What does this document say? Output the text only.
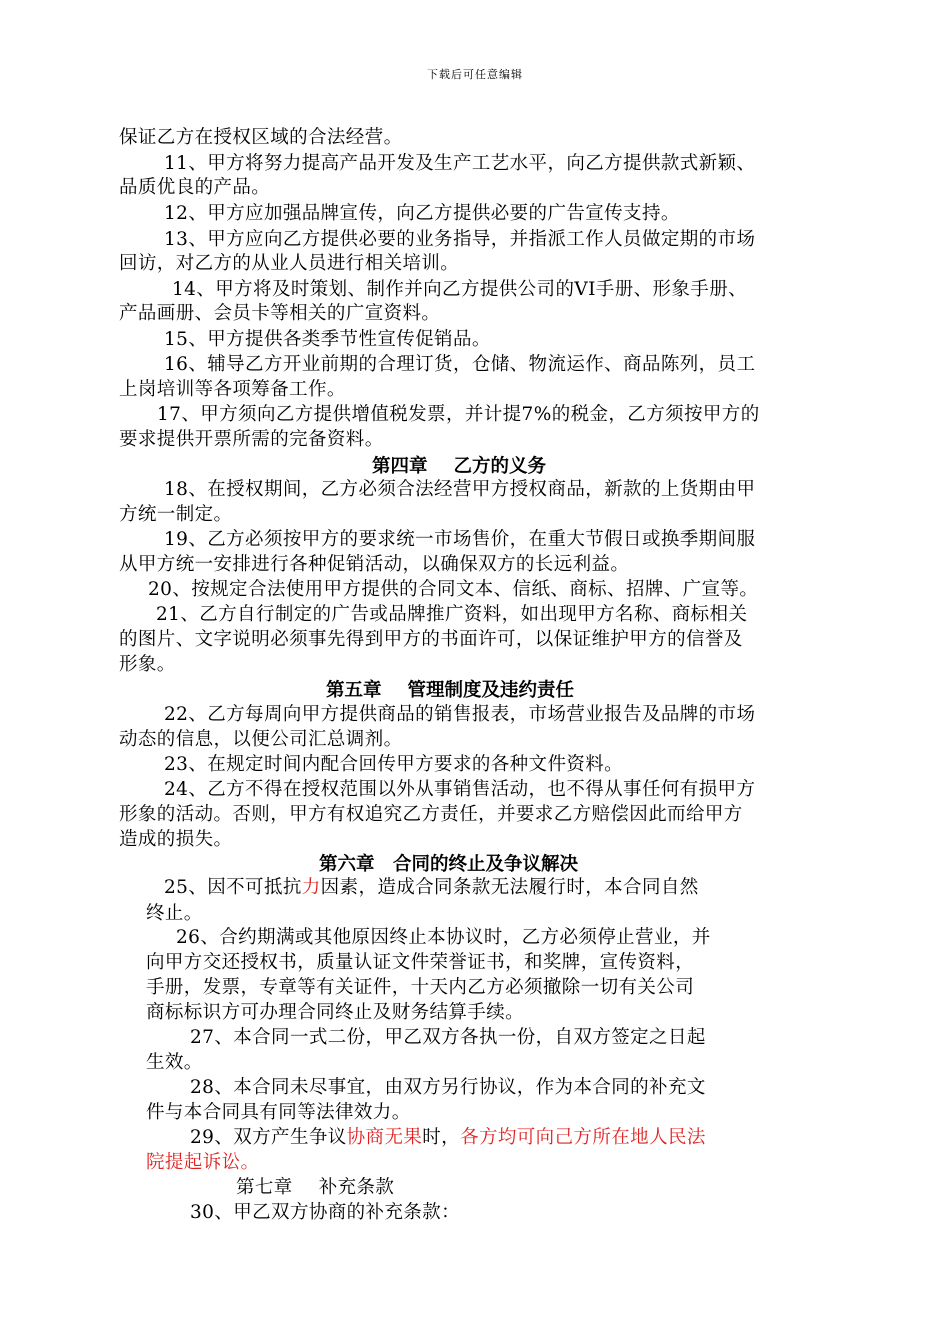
下载后可任意编辑
保证乙方在授权区域的合法经营。
11、甲方将努力提高产品开发及生产工艺水平，向乙方提供款式新颖、
品质优良的产品。
12、甲方应加强品牌宣传，向乙方提供必要的广告宣传支持。
13、甲方应向乙方提供必要的业务指导，并指派工作人员做定期的市场
回访，对乙方的从业人员进行相关培训。
14、甲方将及时策划、制作并向乙方提供公司的VI手册、形象手册、
产品画册、会员卡等相关的广宣资料。
15、甲方提供各类季节性宣传促销品。
16、辅导乙方开业前期的合理订货，仓储、物流运作、商品陈列，员工
上岗培训等各项筹备工作。
17、甲方须向乙方提供增值税发票，并计提7%的税金，乙方须按甲方的
要求提供开票所需的完备资料。
第四章 乙方的义务
18、在授权期间，乙方必须合法经营甲方授权商品，新款的上货期由甲
方统一制定。
19、乙方必须按甲方的要求统一市场售价，在重大节假日或换季期间服
从甲方统一安排进行各种促销活动，以确保双方的长远利益。
20、按规定合法使用甲方提供的合同文本、信纸、商标、招牌、广宣等。
21、乙方自行制定的广告或品牌推广资料，如出现甲方名称、商标相关
的图片、文字说明必须事先得到甲方的书面许可，以保证维护甲方的信誉及
形象。
第五章 管理制度及违约责任
22、乙方每周向甲方提供商品的销售报表，市场营业报告及品牌的市场
动态的信息，以便公司汇总调剂。
23、在规定时间内配合回传甲方要求的各种文件资料。
24、乙方不得在授权范围以外从事销售活动，也不得从事任何有损甲方
形象的活动。否则，甲方有权追究乙方责任，并要求乙方赔偿因此而给甲方
造成的损失。
第六章　合同的终止及争议解决
25、因不可抵抗力因素，造成合同条款无法履行时，本合同自然
终止。
26、合约期满或其他原因终止本协议时，乙方必须停止营业，并
向甲方交还授权书，质量认证文件荣誉证书，和奖牌，宣传资料，
手册，发票，专章等有关证件，十天内乙方必须撤除一切有关公司
商标标识方可办理合同终止及财务结算手续。
27、本合同一式二份，甲乙双方各执一份，自双方签定之日起
生效。
28、本合同未尽事宜，由双方另行协议，作为本合同的补充文
件与本合同具有同等法律效力。
29、双方产生争议协商无果时，各方均可向己方所在地人民法
院提起诉讼。
第七章 补充条款
30、甲乙双方协商的补充条款：
